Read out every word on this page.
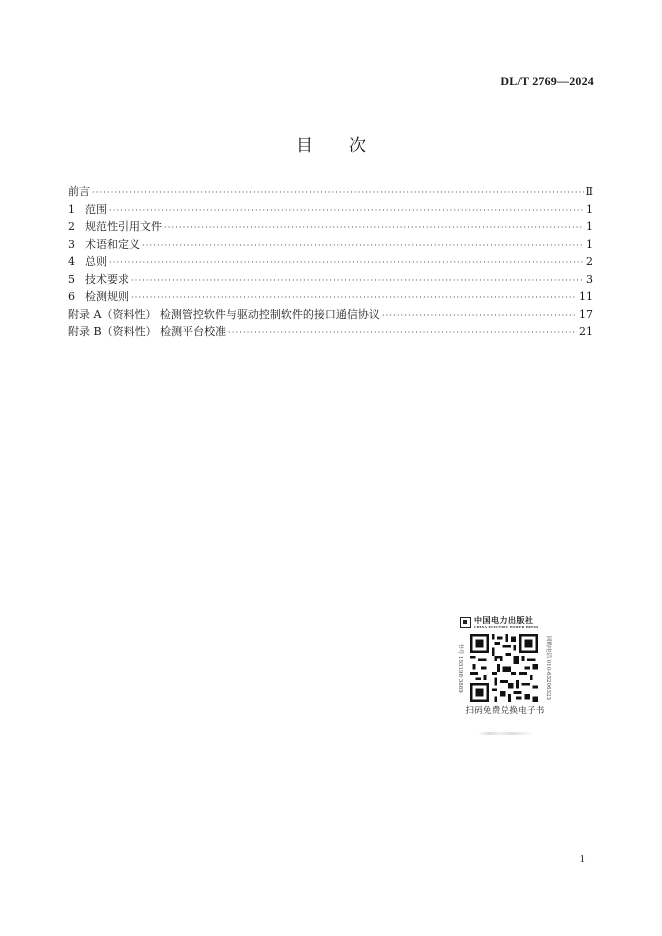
DL/T 2769—2024
目 次
前言 ·····	Ⅱ
1 范围 ·····	1
2 规范性引用文件 ·····	1
3 术语和定义 ·····	1
4 总则 ·····	2
5 技术要求 ·····	3
6 检测规则 ·····	11
附录 A（资料性） 检测管控软件与驱动控制软件的接口通信协议 ·····	17
附录 B（资料性） 检测平台校准 ·····	21
中国电力出版社
CHINA ELECTRIC POWER PRESS
书号 155198·3889	回购电话 010-63206323
扫码免费兑换电子书
1
